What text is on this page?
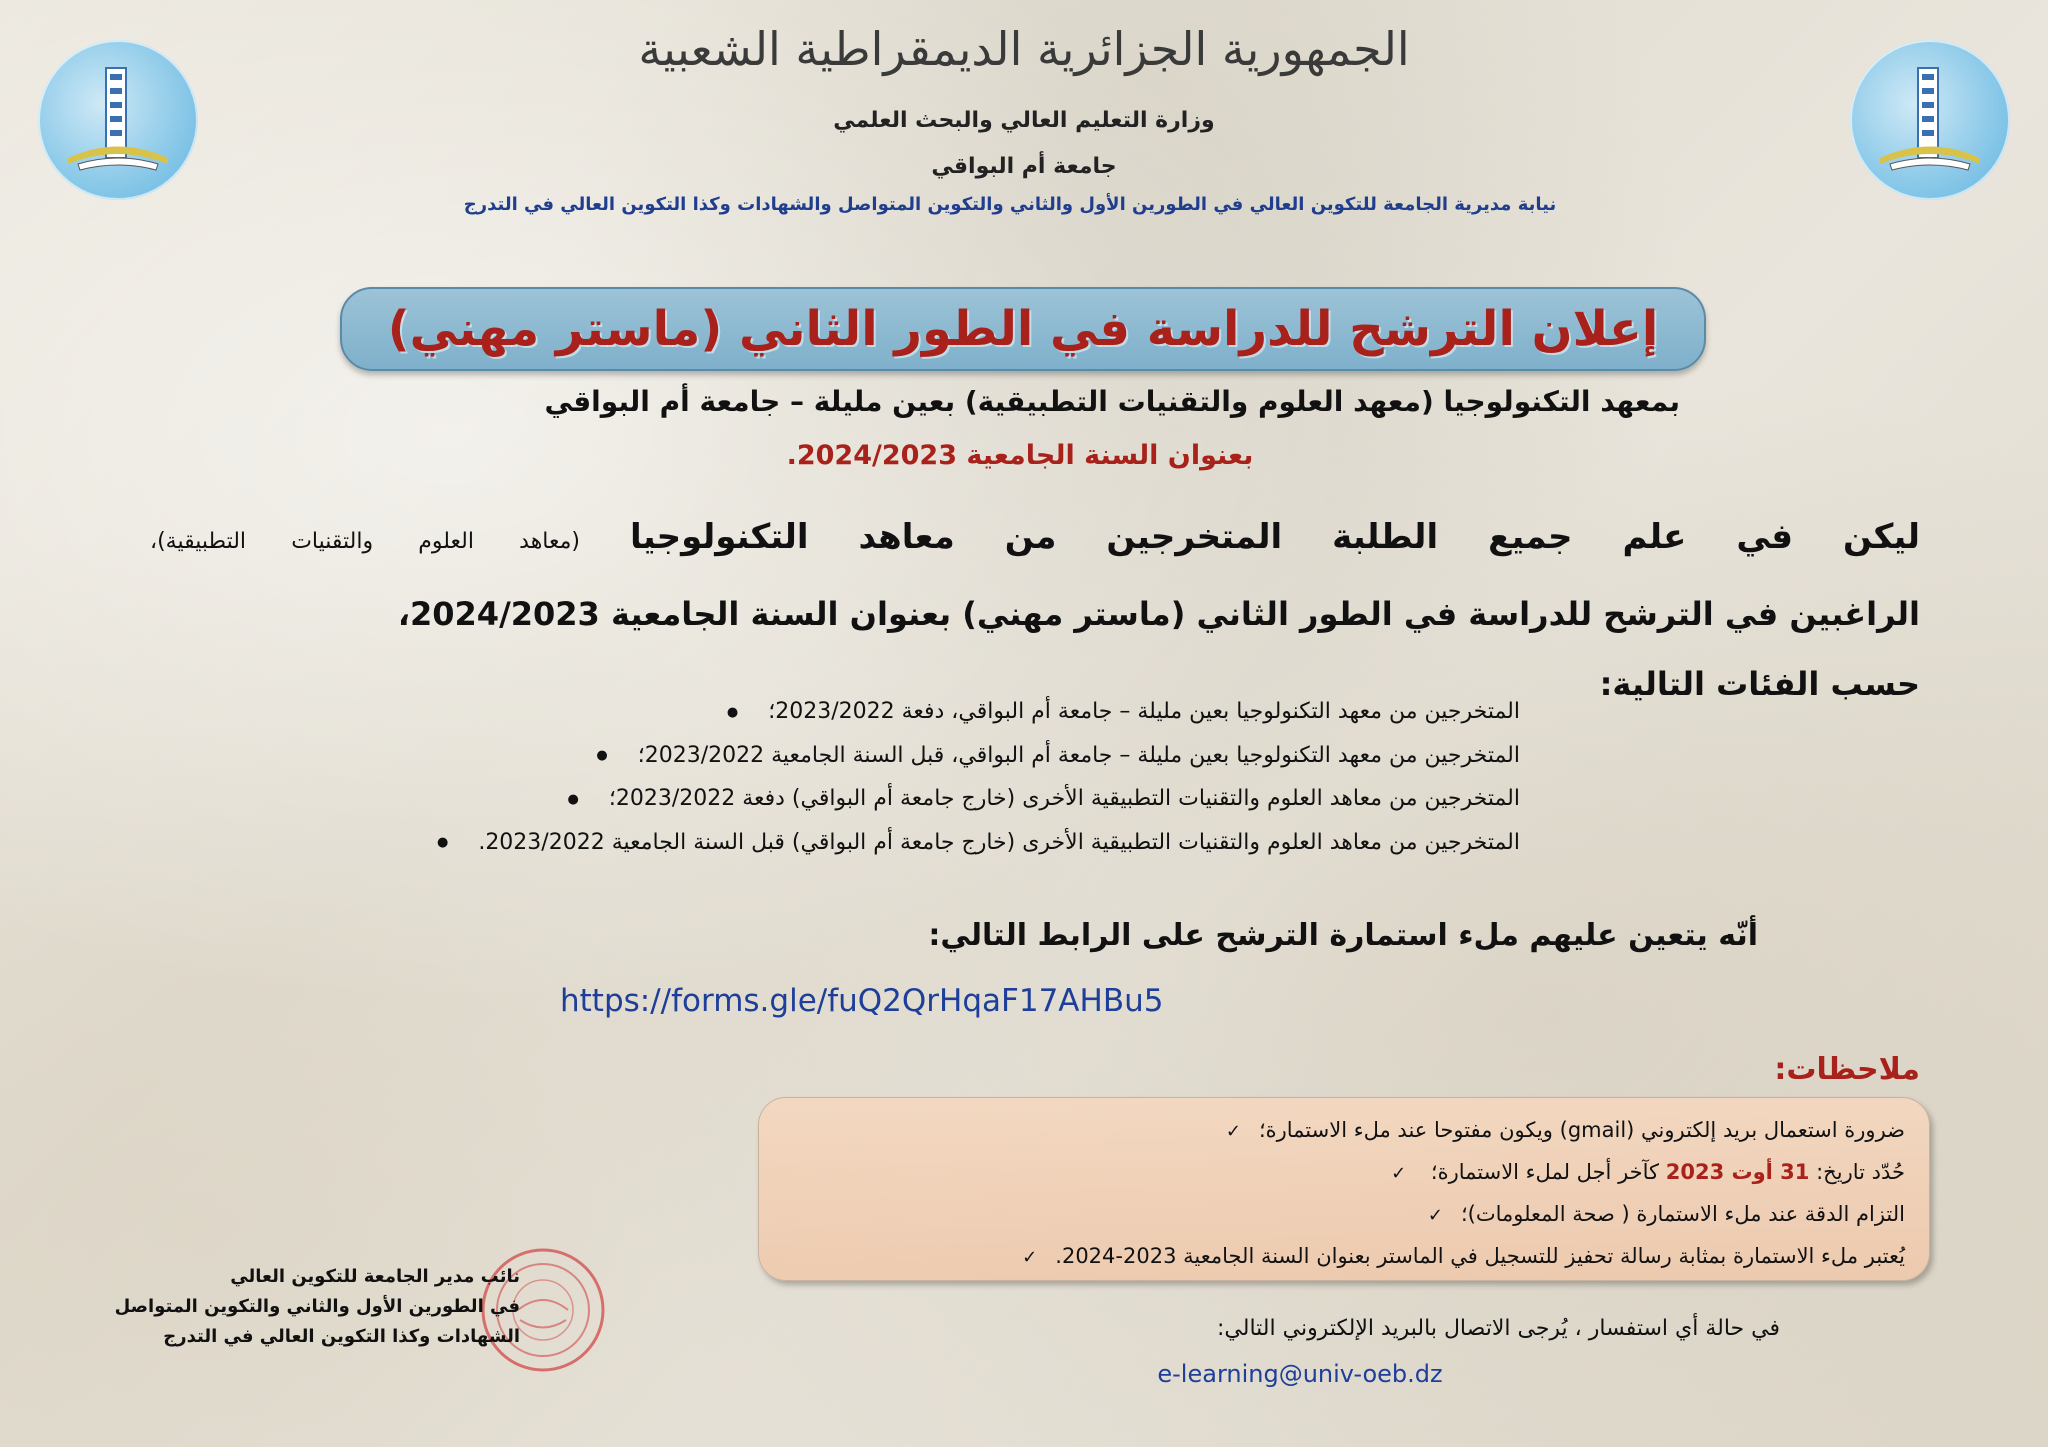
الجمهورية الجزائرية الديمقراطية الشعبية
وزارة التعليم العالي والبحث العلمي
جامعة أم البواقي
نيابة مديرية الجامعة للتكوين العالي في الطورين الأول والثاني والتكوين المتواصل والشهادات وكذا التكوين العالي في التدرج
إعلان الترشح للدراسة في الطور الثاني (ماستر مهني)
بمعهد التكنولوجيا (معهد العلوم والتقنيات التطبيقية) بعين مليلة – جامعة أم البواقي
بعنوان السنة الجامعية 2024/2023.
ليكن في علم جميع الطلبة المتخرجين من معاهد التكنولوجيا (معاهد العلوم والتقنيات التطبيقية)،
الراغبين في الترشح للدراسة في الطور الثاني (ماستر مهني) بعنوان السنة الجامعية 2024/2023،
حسب الفئات التالية:
المتخرجين من معهد التكنولوجيا بعين مليلة – جامعة أم البواقي، دفعة 2023/2022؛ ●
المتخرجين من معهد التكنولوجيا بعين مليلة – جامعة أم البواقي، قبل السنة الجامعية 2023/2022؛ ●
المتخرجين من معاهد العلوم والتقنيات التطبيقية الأخرى (خارج جامعة أم البواقي) دفعة 2023/2022؛ ●
المتخرجين من معاهد العلوم والتقنيات التطبيقية الأخرى (خارج جامعة أم البواقي) قبل السنة الجامعية 2023/2022. ●
أنّه يتعين عليهم ملء استمارة الترشح على الرابط التالي:
https://forms.gle/fuQ2QrHqaF17AHBu5
ملاحظات:
ضرورة استعمال بريد إلكتروني (gmail) ويكون مفتوحا عند ملء الاستمارة؛ ✓
حُدّد تاريخ: 31 أوت 2023 كآخر أجل لملء الاستمارة؛ ✓
التزام الدقة عند ملء الاستمارة ( صحة المعلومات)؛ ✓
يُعتبر ملء الاستمارة بمثابة رسالة تحفيز للتسجيل في الماستر بعنوان السنة الجامعية 2023-2024. ✓
في حالة أي استفسار ، يُرجى الاتصال بالبريد الإلكتروني التالي:
e-learning@univ-oeb.dz
نائب مدير الجامعة للتكوين العالي
في الطورين الأول والثاني والتكوين المتواصل
الشهادات وكذا التكوين العالي في التدرج
